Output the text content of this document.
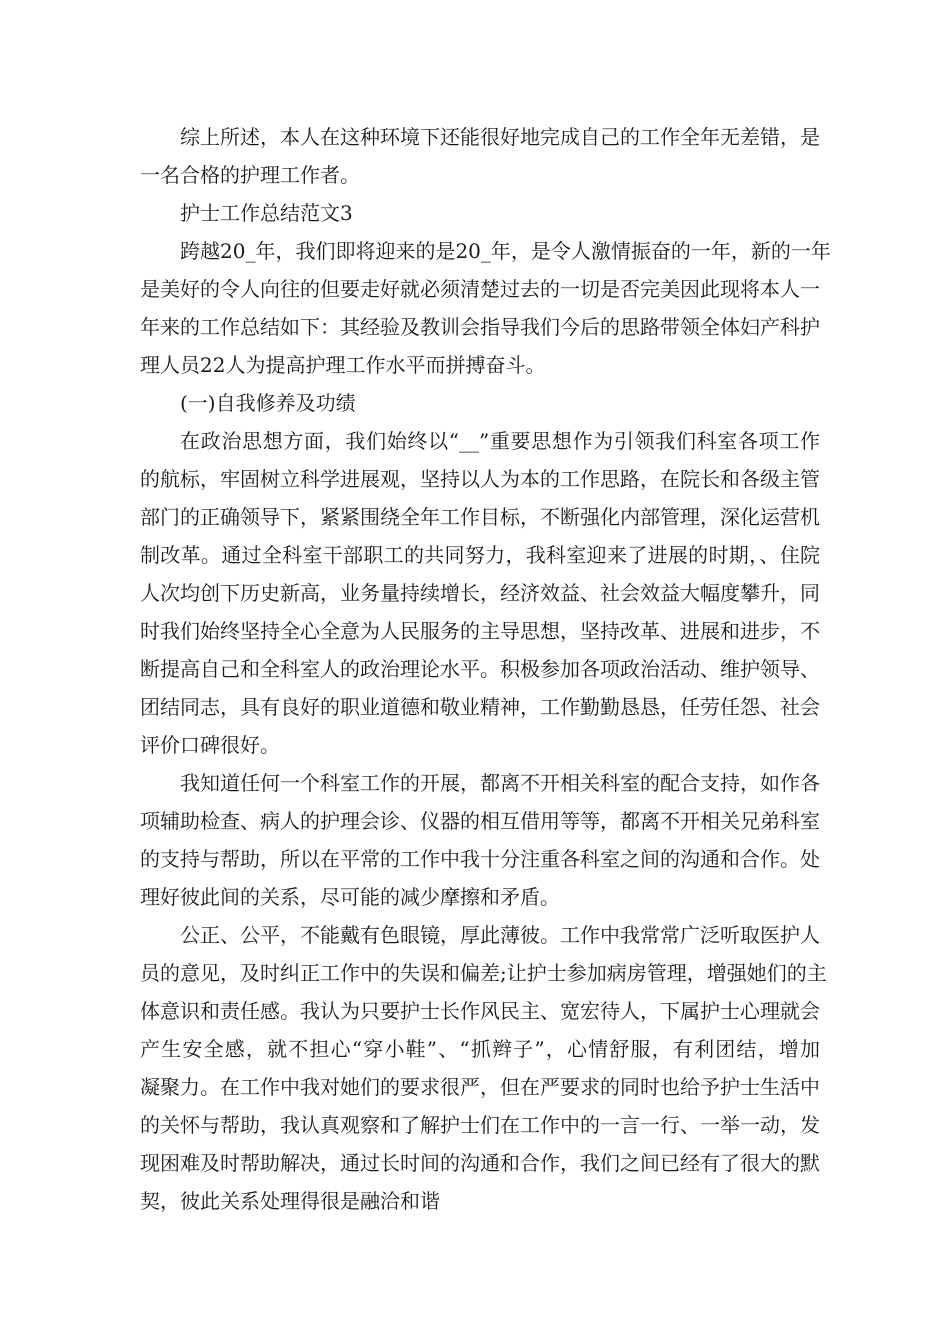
综上所述，本人在这种环境下还能很好地完成自己的工作全年无差错，是
一名合格的护理工作者。
护士工作总结范文3
跨越20_年，我们即将迎来的是20_年，是令人激情振奋的一年，新的一年
是美好的令人向往的但要走好就必须清楚过去的一切是否完美因此现将本人一
年来的工作总结如下：其经验及教训会指导我们今后的思路带领全体妇产科护
理人员22人为提高护理工作水平而拼搏奋斗。
(一)自我修养及功绩
在政治思想方面，我们始终以“__”重要思想作为引领我们科室各项工作
的航标，牢固树立科学进展观，坚持以人为本的工作思路，在院长和各级主管
部门的正确领导下，紧紧围绕全年工作目标，不断强化内部管理，深化运营机
制改革。通过全科室干部职工的共同努力，我科室迎来了进展的时期，、住院
人次均创下历史新高，业务量持续增长，经济效益、社会效益大幅度攀升，同
时我们始终坚持全心全意为人民服务的主导思想，坚持改革、进展和进步，不
断提高自己和全科室人的政治理论水平。积极参加各项政治活动、维护领导、
团结同志，具有良好的职业道德和敬业精神，工作勤勤恳恳，任劳任怨、社会
评价口碑很好。
我知道任何一个科室工作的开展，都离不开相关科室的配合支持，如作各
项辅助检查、病人的护理会诊、仪器的相互借用等等，都离不开相关兄弟科室
的支持与帮助，所以在平常的工作中我十分注重各科室之间的沟通和合作。处
理好彼此间的关系，尽可能的减少摩擦和矛盾。
公正、公平，不能戴有色眼镜，厚此薄彼。工作中我常常广泛听取医护人
员的意见，及时纠正工作中的失误和偏差;让护士参加病房管理，增强她们的主
体意识和责任感。我认为只要护士长作风民主、宽宏待人，下属护士心理就会
产生安全感，就不担心“穿小鞋”、“抓辫子”，心情舒服，有利团结，增加
凝聚力。在工作中我对她们的要求很严，但在严要求的同时也给予护士生活中
的关怀与帮助，我认真观察和了解护士们在工作中的一言一行、一举一动，发
现困难及时帮助解决，通过长时间的沟通和合作，我们之间已经有了很大的默
契，彼此关系处理得很是融洽和谐
